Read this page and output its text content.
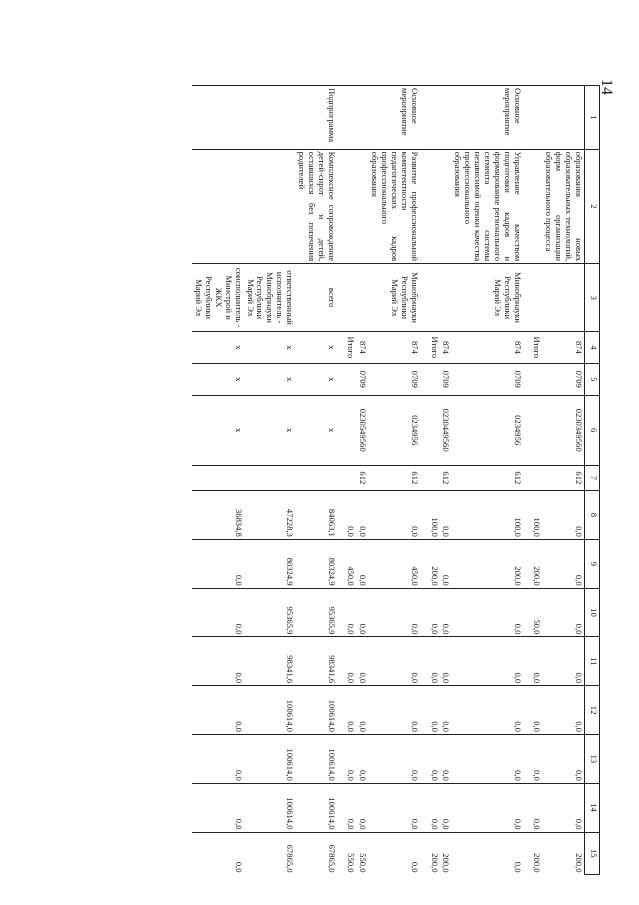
14
1	2	3	4	5	6	7	8	9	10	11	12	13	14	15
	образования новых образовательных технологий, форм организации образовательного процесса		874	0709	0230349560	612	0,0	0,0	0,0	0,0	0,0	0,0	0,0	200,0
			Итого				100,0	200,0	50,0	0,0	0,0	0,0	0,0	200,0

Основное мероприятие	Управление качеством подготовки кадров и формирование регионального сегмента системы независимой оценки качества профессионального образования	Минобрнауки Республики Марий Эл	874	0709	0234956	612	100,0	200,0	0,0	0,0	0,0	0,0	0,0	0,0
			874	0709	0230449560	612	0,0	0,0	0,0	0,0	0,0	0,0	0,0	200,0
			Итого				100,0	200,0	0,0	0,0	0,0	0,0	0,0	200,0

Основное мероприятие	Развитие профессиональной компетентности педагогических кадров профессионального образования	Минобрнауки Республики Марий Эл	874	0709	0234956	612	0,0	450,0	0,0	0,0	0,0	0,0	0,0	0,0
			874	0709	0230549560	612	0,0	0,0	0,0	0,0	0,0	0,0	0,0	550,0
			Итого				0,0	450,0	0,0	0,0	0,0	0,0	0,0	550,0

Подпрограмма	Комплексное сопровождение детей-сирот и детей, оставшихся без попечения родителей	всего	x	x	x		84063,1	80324,9	95365,9	98341,6	100614,0	100614,0	100614,0	67865,0
		ответственный исполнитель - Минобрнауки Республики Марий Эл	x	x	x		47228,3	80324,9	95365,9	98341,6	100614,0	100614,0	100614,0	67865,0
		соисполнитель - Минстрой и ЖКХ Республики Марий Эл	x	x	x		36834,8	0,0	0,0	0,0	0,0	0,0	0,0	0,0
